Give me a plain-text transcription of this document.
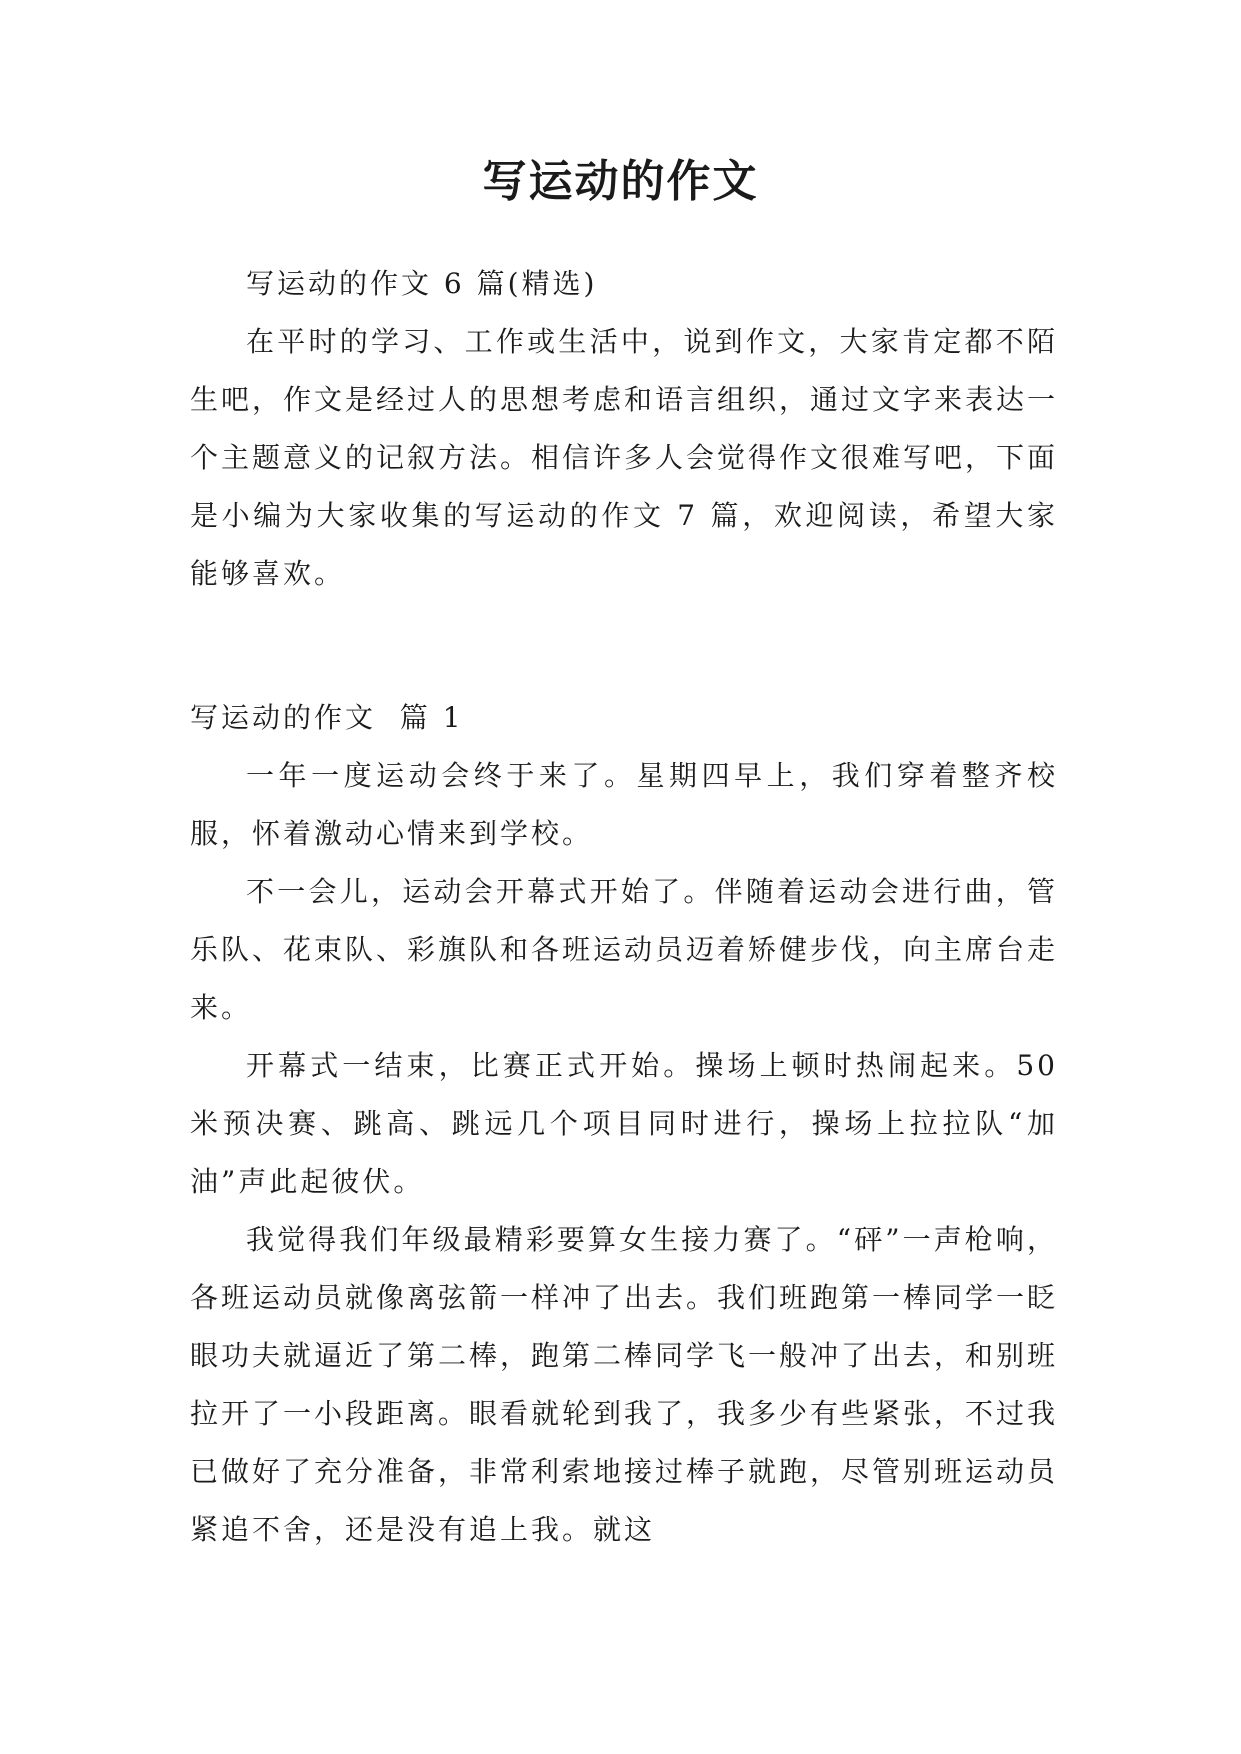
写运动的作文

写运动的作文 6 篇(精选)

在平时的学习、工作或生活中，说到作文，大家肯定都不陌生吧，作文是经过人的思想考虑和语言组织，通过文字来表达一个主题意义的记叙方法。相信许多人会觉得作文很难写吧，下面是小编为大家收集的写运动的作文 7 篇，欢迎阅读，希望大家能够喜欢。

写运动的作文  篇 1

一年一度运动会终于来了。星期四早上，我们穿着整齐校服，怀着激动心情来到学校。

不一会儿，运动会开幕式开始了。伴随着运动会进行曲，管乐队、花束队、彩旗队和各班运动员迈着矫健步伐，向主席台走来。

开幕式一结束，比赛正式开始。操场上顿时热闹起来。50 米预决赛、跳高、跳远几个项目同时进行，操场上拉拉队“加油”声此起彼伏。

我觉得我们年级最精彩要算女生接力赛了。“砰”一声枪响，各班运动员就像离弦箭一样冲了出去。我们班跑第一棒同学一眨眼功夫就逼近了第二棒，跑第二棒同学飞一般冲了出去，和别班拉开了一小段距离。眼看就轮到我了，我多少有些紧张，不过我已做好了充分准备，非常利索地接过棒子就跑，尽管别班运动员紧追不舍，还是没有追上我。就这
